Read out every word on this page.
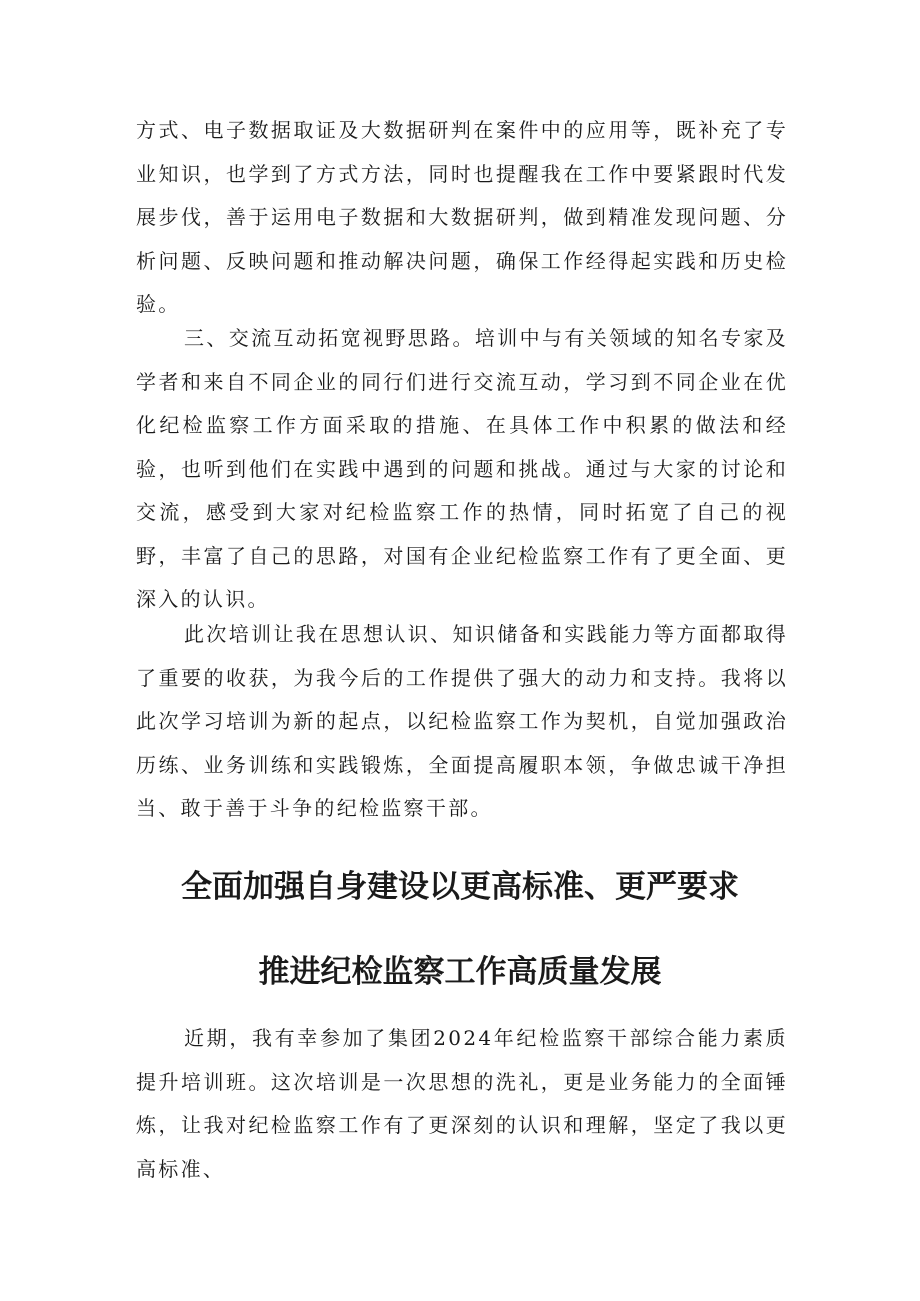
方式、电子数据取证及大数据研判在案件中的应用等，既补充了专业知识，也学到了方式方法，同时也提醒我在工作中要紧跟时代发展步伐，善于运用电子数据和大数据研判，做到精准发现问题、分析问题、反映问题和推动解决问题，确保工作经得起实践和历史检验。

三、交流互动拓宽视野思路。培训中与有关领域的知名专家及学者和来自不同企业的同行们进行交流互动，学习到不同企业在优化纪检监察工作方面采取的措施、在具体工作中积累的做法和经验，也听到他们在实践中遇到的问题和挑战。通过与大家的讨论和交流，感受到大家对纪检监察工作的热情，同时拓宽了自己的视野，丰富了自己的思路，对国有企业纪检监察工作有了更全面、更深入的认识。

此次培训让我在思想认识、知识储备和实践能力等方面都取得了重要的收获，为我今后的工作提供了强大的动力和支持。我将以此次学习培训为新的起点，以纪检监察工作为契机，自觉加强政治历练、业务训练和实践锻炼，全面提高履职本领，争做忠诚干净担当、敢于善于斗争的纪检监察干部。

全面加强自身建设以更高标准、更严要求
推进纪检监察工作高质量发展

近期，我有幸参加了集团2024年纪检监察干部综合能力素质提升培训班。这次培训是一次思想的洗礼，更是业务能力的全面锤炼，让我对纪检监察工作有了更深刻的认识和理解，坚定了我以更高标准、
